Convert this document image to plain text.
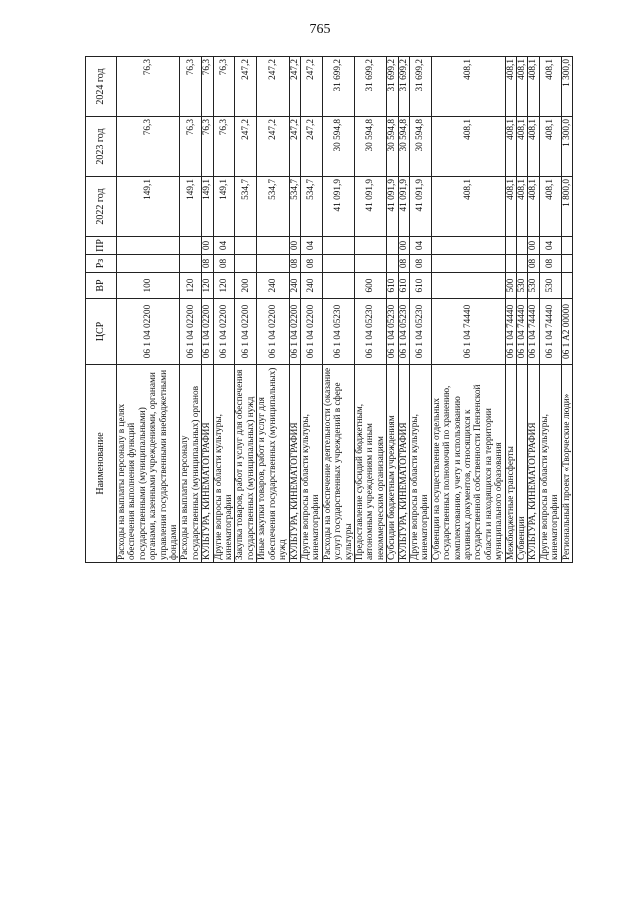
765
Наименование	ЦСР	ВР	Рз	ПР	2022 год	2023 год	2024 год
Расходы на выплаты персоналу в целях обеспечения выполнения функций государственными (муниципальными) органами, казенными учреждениями, органами управления государственными внебюджетными фондами	06 1 04 02200	100			149,1	76,3	76,3
Расходы на выплаты персоналу государственных (муниципальных) органов	06 1 04 02200	120			149,1	76,3	76,3
КУЛЬТУРА, КИНЕМАТОГРАФИЯ	06 1 04 02200	120	08	00	149,1	76,3	76,3
Другие вопросы в области культуры, кинематографии	06 1 04 02200	120	08	04	149,1	76,3	76,3
Закупка товаров, работ и услуг для обеспечения государственных (муниципальных) нужд	06 1 04 02200	200			534,7	247,2	247,2
Иные закупки товаров, работ и услуг для обеспечения государственных (муниципальных) нужд	06 1 04 02200	240			534,7	247,2	247,2
КУЛЬТУРА, КИНЕМАТОГРАФИЯ	06 1 04 02200	240	08	00	534,7	247,2	247,2
Другие вопросы в области культуры, кинематографии	06 1 04 02200	240	08	04	534,7	247,2	247,2
Расходы на обеспечение деятельности (оказание услуг) государственных учреждений в сфере культуры	06 1 04 05230				41 091,9	30 594,8	31 699,2
Предоставление субсидий бюджетным, автономным учреждениям и иным некоммерческим организациям	06 1 04 05230	600			41 091,9	30 594,8	31 699,2
Субсидии бюджетным учреждениям	06 1 04 05230	610			41 091,9	30 594,8	31 699,2
КУЛЬТУРА, КИНЕМАТОГРАФИЯ	06 1 04 05230	610	08	00	41 091,9	30 594,8	31 699,2
Другие вопросы в области культуры, кинематографии	06 1 04 05230	610	08	04	41 091,9	30 594,8	31 699,2
Субвенции на осуществление отдельных государственных полномочий по хранению, комплектованию, учету и использованию архивных документов, относящихся к государственной собственности Пензенской области и находящихся на территории муниципального образования	06 1 04 74440				408,1	408,1	408,1
Межбюджетные трансферты	06 1 04 74440	500			408,1	408,1	408,1
Субвенции	06 1 04 74440	530			408,1	408,1	408,1
КУЛЬТУРА, КИНЕМАТОГРАФИЯ	06 1 04 74440	530	08	00	408,1	408,1	408,1
Другие вопросы в области культуры, кинематографии	06 1 04 74440	530	08	04	408,1	408,1	408,1
Региональный проект «Творческие люди»	06 1 A2 00000				1 800,0	1 300,0	1 300,0
